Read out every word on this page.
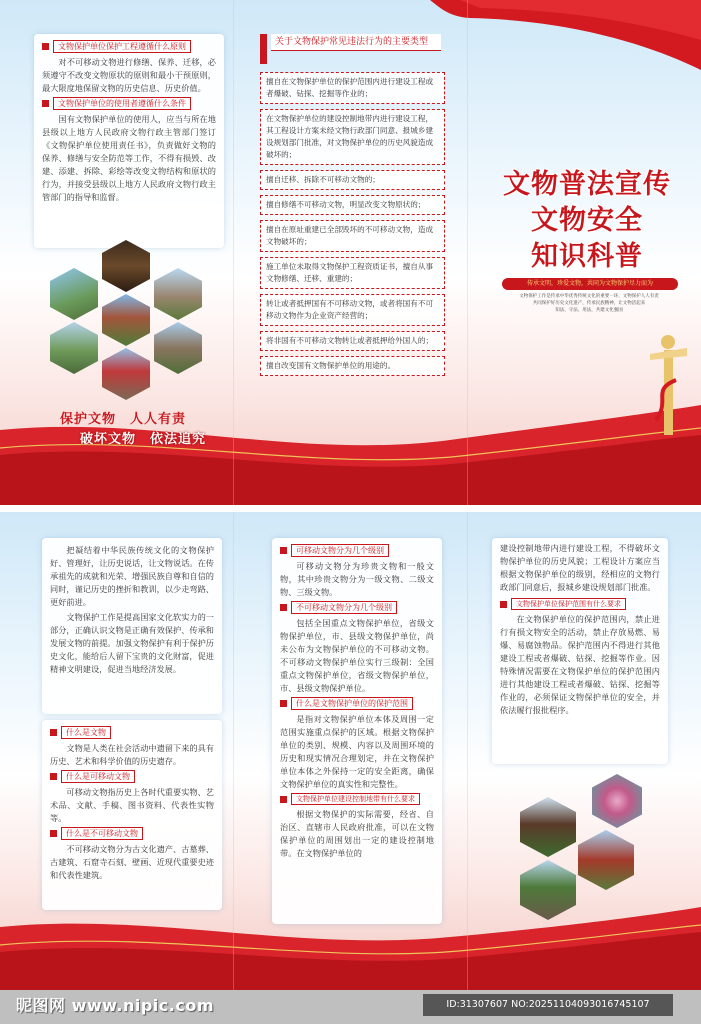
文物保护单位保护工程遵循什么原则

对不可移动文物进行修缮、保养、迁移，必须遵守不改变文物原状的原则和最小干预原则，最大限度地保留文物的历史信息、历史价值。

文物保护单位的使用者遵循什么条件

国有文物保护单位的使用人，应当与所在地县级以上地方人民政府文物行政主管部门签订《文物保护单位使用责任书》，负责做好文物的保养、修缮与安全防范等工作，不得有损毁、改建、添建、拆除、彩绘等改变文物结构和原状的行为，并接受县级以上地方人民政府文物行政主管部门的指导和监督。

保护文物　人人有责
破坏文物　依法追究
关于文物保护常见违法行为的主要类型
擅自在文物保护单位的保护范围内进行建设工程或者爆破、钻探、挖掘等作业的；
在文物保护单位的建设控制地带内进行建设工程，其工程设计方案未经文物行政部门同意、报城乡建设规划部门批准，对文物保护单位的历史风貌造成破坏的；
擅自迁移、拆除不可移动文物的；
擅自修缮不可移动文物，明显改变文物原状的；
擅自在原址重建已全部毁坏的不可移动文物，造成文物破坏的；
施工单位未取得文物保护工程资质证书，擅自从事文物修缮、迁移、重建的；
转让或者抵押国有不可移动文物，或者将国有不可移动文物作为企业资产经营的；
将非国有不可移动文物转让或者抵押给外国人的；
擅自改变国有文物保护单位的用途的。
文物普法宣传
文物安全
知识科普
传承文明，珍爱文物，共同为文物保护尽力而为
文物保护工作是传承中华优秀传统文化的重要一环，文物保护人人有责
共同保护好历史文化遗产，传承民族精神，让文物活起来
知法、守法、用法，共建文化强国

把凝结着中华民族传统文化的文物保护好、管理好，让历史说话，让文物说话。在传承祖先的成就和光荣、增强民族自尊和自信的同时，谨记历史的挫折和教训，以少走弯路、更好前进。

文物保护工作是提高国家文化软实力的一部分，正确认识文物是正确有效保护、传承和发展文物的前提。加强文物保护有利于保护历史文化，能给后人留下宝贵的文化财富，促进精神文明建设，促进当地经济发展。

什么是文物

文物是人类在社会活动中遗留下来的具有历史、艺术和科学价值的历史遗存。

什么是可移动文物

可移动文物指历史上各时代重要实物、艺术品、文献、手稿、图书资料、代表性实物等。

什么是不可移动文物

不可移动文物分为古文化遗产、古墓葬、古建筑、石窟寺石刻、壁画、近现代重要史迹和代表性建筑。

可移动文物分为几个级别

可移动文物分为珍贵文物和一般文物，其中珍贵文物分为一级文物、二级文物、三级文物。

不可移动文物分为几个级别

包括全国重点文物保护单位，省级文物保护单位，市、县级文物保护单位，尚未公布为文物保护单位的不可移动文物。不可移动文物保护单位实行三级制：全国重点文物保护单位，省级文物保护单位，市、县级文物保护单位。

什么是文物保护单位的保护范围

是指对文物保护单位本体及周围一定范围实施重点保护的区域。根据文物保护单位的类别、规模、内容以及周围环境的历史和现实情况合理划定，并在文物保护单位本体之外保持一定的安全距离，确保文物保护单位的真实性和完整性。

文物保护单位建设控制地带有什么要求

根据文物保护的实际需要，经省、自治区、直辖市人民政府批准，可以在文物保护单位的周围划出一定的建设控制地带。在文物保护单位的

建设控制地带内进行建设工程，不得破坏文物保护单位的历史风貌；工程设计方案应当根据文物保护单位的级别，经相应的文物行政部门同意后，报城乡建设规划部门批准。

文物保护单位保护范围有什么要求

在文物保护单位的保护范围内，禁止进行有损文物安全的活动，禁止存放易燃、易爆、易腐蚀物品。保护范围内不得进行其他建设工程或者爆破、钻探、挖掘等作业。因特殊情况需要在文物保护单位的保护范围内进行其他建设工程或者爆破、钻探、挖掘等作业的，必须保证文物保护单位的安全，并依法履行报批程序。

昵图网 www.nipic.com	ID:31307607 NO:20251104093016745107
